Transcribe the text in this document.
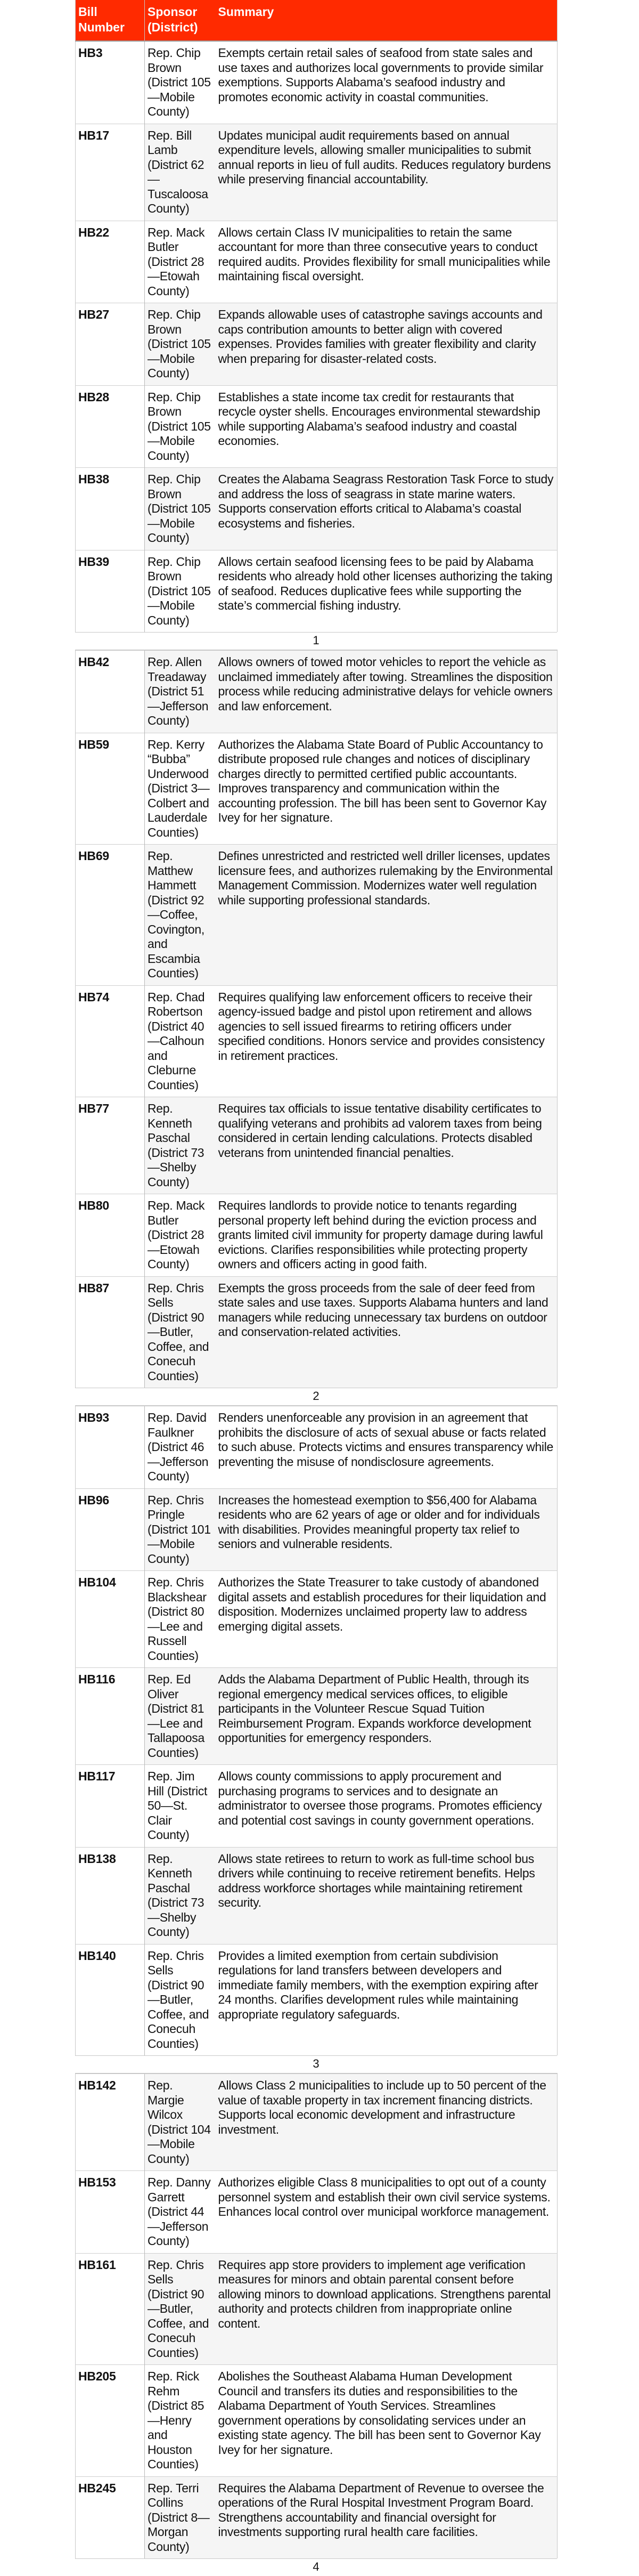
Bill Number	Sponsor (District)	Summary
HB3	Rep. Chip Brown (District 105—Mobile County)	Exempts certain retail sales of seafood from state sales and use taxes and authorizes local governments to provide similar exemptions. Supports Alabama’s seafood industry and promotes economic activity in coastal communities.
HB17	Rep. Bill Lamb (District 62—Tuscaloosa County)	Updates municipal audit requirements based on annual expenditure levels, allowing smaller municipalities to submit annual reports in lieu of full audits. Reduces regulatory burdens while preserving financial accountability.
HB22	Rep. Mack Butler (District 28—Etowah County)	Allows certain Class IV municipalities to retain the same accountant for more than three consecutive years to conduct required audits. Provides flexibility for small municipalities while maintaining fiscal oversight.
HB27	Rep. Chip Brown (District 105—Mobile County)	Expands allowable uses of catastrophe savings accounts and caps contribution amounts to better align with covered expenses. Provides families with greater flexibility and clarity when preparing for disaster-related costs.
HB28	Rep. Chip Brown (District 105—Mobile County)	Establishes a state income tax credit for restaurants that recycle oyster shells. Encourages environmental stewardship while supporting Alabama’s seafood industry and coastal economies.
HB38	Rep. Chip Brown (District 105—Mobile County)	Creates the Alabama Seagrass Restoration Task Force to study and address the loss of seagrass in state marine waters. Supports conservation efforts critical to Alabama’s coastal ecosystems and fisheries.
HB39	Rep. Chip Brown (District 105—Mobile County)	Allows certain seafood licensing fees to be paid by Alabama residents who already hold other licenses authorizing the taking of seafood. Reduces duplicative fees while supporting the state’s commercial fishing industry.
1
HB42	Rep. Allen Treadaway (District 51—Jefferson County)	Allows owners of towed motor vehicles to report the vehicle as unclaimed immediately after towing. Streamlines the disposition process while reducing administrative delays for vehicle owners and law enforcement.
HB59	Rep. Kerry “Bubba” Underwood (District 3—Colbert and Lauderdale Counties)	Authorizes the Alabama State Board of Public Accountancy to distribute proposed rule changes and notices of disciplinary charges directly to permitted certified public accountants. Improves transparency and communication within the accounting profession. The bill has been sent to Governor Kay Ivey for her signature.
HB69	Rep. Matthew Hammett (District 92—Coffee, Covington, and Escambia Counties)	Defines unrestricted and restricted well driller licenses, updates licensure fees, and authorizes rulemaking by the Environmental Management Commission. Modernizes water well regulation while supporting professional standards.
HB74	Rep. Chad Robertson (District 40—Calhoun and Cleburne Counties)	Requires qualifying law enforcement officers to receive their agency-issued badge and pistol upon retirement and allows agencies to sell issued firearms to retiring officers under specified conditions. Honors service and provides consistency in retirement practices.
HB77	Rep. Kenneth Paschal (District 73—Shelby County)	Requires tax officials to issue tentative disability certificates to qualifying veterans and prohibits ad valorem taxes from being considered in certain lending calculations. Protects disabled veterans from unintended financial penalties.
HB80	Rep. Mack Butler (District 28—Etowah County)	Requires landlords to provide notice to tenants regarding personal property left behind during the eviction process and grants limited civil immunity for property damage during lawful evictions. Clarifies responsibilities while protecting property owners and officers acting in good faith.
HB87	Rep. Chris Sells (District 90—Butler, Coffee, and Conecuh Counties)	Exempts the gross proceeds from the sale of deer feed from state sales and use taxes. Supports Alabama hunters and land managers while reducing unnecessary tax burdens on outdoor and conservation-related activities.
2
HB93	Rep. David Faulkner (District 46—Jefferson County)	Renders unenforceable any provision in an agreement that prohibits the disclosure of acts of sexual abuse or facts related to such abuse. Protects victims and ensures transparency while preventing the misuse of nondisclosure agreements.
HB96	Rep. Chris Pringle (District 101—Mobile County)	Increases the homestead exemption to $56,400 for Alabama residents who are 62 years of age or older and for individuals with disabilities. Provides meaningful property tax relief to seniors and vulnerable residents.
HB104	Rep. Chris Blackshear (District 80—Lee and Russell Counties)	Authorizes the State Treasurer to take custody of abandoned digital assets and establish procedures for their liquidation and disposition. Modernizes unclaimed property law to address emerging digital assets.
HB116	Rep. Ed Oliver (District 81—Lee and Tallapoosa Counties)	Adds the Alabama Department of Public Health, through its regional emergency medical services offices, to eligible participants in the Volunteer Rescue Squad Tuition Reimbursement Program. Expands workforce development opportunities for emergency responders.
HB117	Rep. Jim Hill (District 50—St. Clair County)	Allows county commissions to apply procurement and purchasing programs to services and to designate an administrator to oversee those programs. Promotes efficiency and potential cost savings in county government operations.
HB138	Rep. Kenneth Paschal (District 73—Shelby County)	Allows state retirees to return to work as full-time school bus drivers while continuing to receive retirement benefits. Helps address workforce shortages while maintaining retirement security.
HB140	Rep. Chris Sells (District 90—Butler, Coffee, and Conecuh Counties)	Provides a limited exemption from certain subdivision regulations for land transfers between developers and immediate family members, with the exemption expiring after 24 months. Clarifies development rules while maintaining appropriate regulatory safeguards.
3
HB142	Rep. Margie Wilcox (District 104—Mobile County)	Allows Class 2 municipalities to include up to 50 percent of the value of taxable property in tax increment financing districts. Supports local economic development and infrastructure investment.
HB153	Rep. Danny Garrett (District 44—Jefferson County)	Authorizes eligible Class 8 municipalities to opt out of a county personnel system and establish their own civil service systems. Enhances local control over municipal workforce management.
HB161	Rep. Chris Sells (District 90—Butler, Coffee, and Conecuh Counties)	Requires app store providers to implement age verification measures for minors and obtain parental consent before allowing minors to download applications. Strengthens parental authority and protects children from inappropriate online content.
HB205	Rep. Rick Rehm (District 85—Henry and Houston Counties)	Abolishes the Southeast Alabama Human Development Council and transfers its duties and responsibilities to the Alabama Department of Youth Services. Streamlines government operations by consolidating services under an existing state agency. The bill has been sent to Governor Kay Ivey for her signature.
HB245	Rep. Terri Collins (District 8—Morgan County)	Requires the Alabama Department of Revenue to oversee the operations of the Rural Hospital Investment Program Board. Strengthens accountability and financial oversight for investments supporting rural health care facilities.
4
